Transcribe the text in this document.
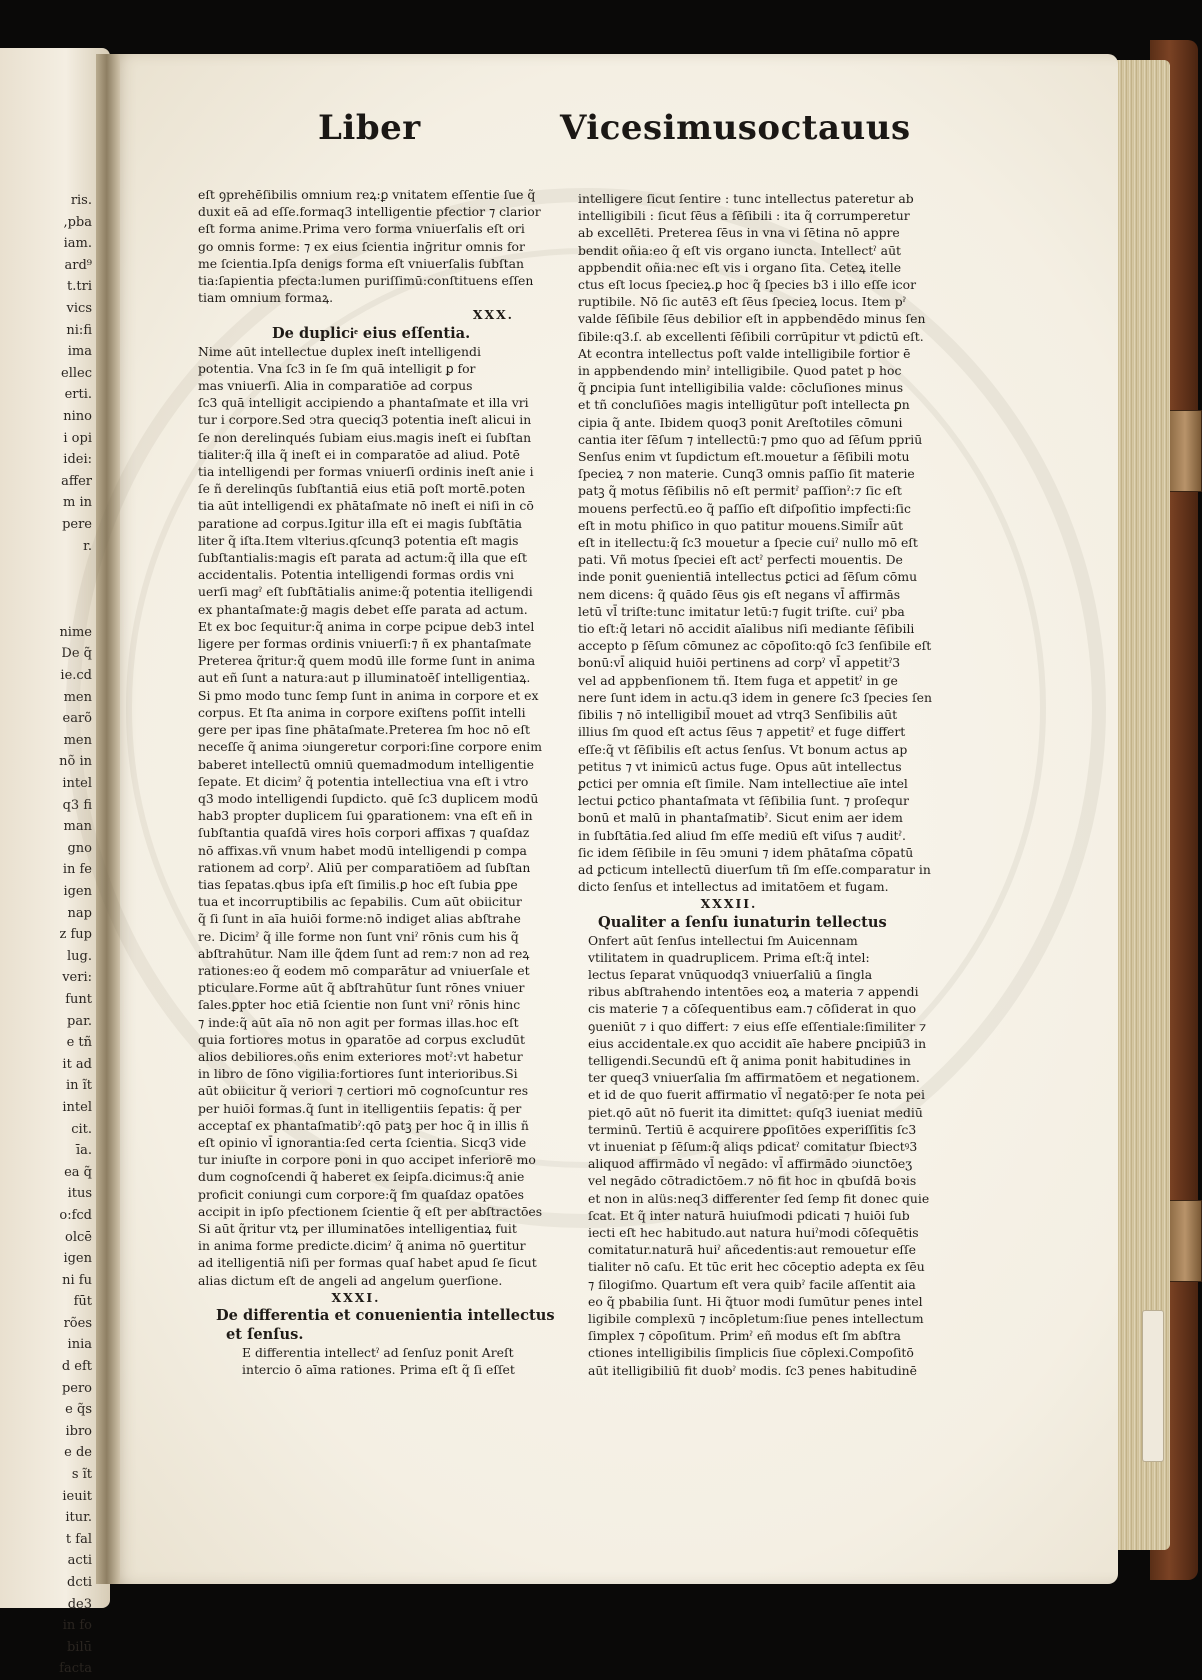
ris.
,pba
iam.
ard⁹
t.tri
vics
ni:fi
ima
ellec
erti.
nino
i opi
idei:
affer
m in
pere
r.

nime
De q̃
ie.cd
men
earõ
men
nõ in
intel
q3 fi
man
gno
in fe
igen
nap
z fup
lug.
veri:
funt
par.
e tñ
it ad
in ĩt
intel
cit.
īa.
ea q̃
itus
o:fcd
olcē
igen
ni fu
fūt
rões
inia
d eft
pero
e q̃s
ibro
e de
s ĩt
ieuit
itur.
t fal
acti
dcti
de3
in fo
bilū
facta
Liber	Vicesimusoctauus

eſt ꝯprehēſibilis omnium reꝝ:ꝑ vnitatem eſſentie ſue q̃

duxit eā ad eſſe.formaq3 intelligentie pfectior ⁊ clarior

eſt forma anime.Prima vero forma vniuerſalis eſt ori

go omnis forme: ⁊ ex eius ſcientia inḡritur omnis for

me ſcientia.Ipſa denigs forma eſt vniuerſalis ſubſtan

tia:ſapientia pfecta:lumen puriſſimū:conſtituens eſſen

tiam omnium formaꝝ.

XXX.
De dupliciͤ eius eſſentia.

Nime aūt intellectue duplex ineſt intelligendi

potentia. Vna ſc3 in ſe ſm quā intelligit ꝑ for

mas vniuerſi. Alia in comparatiōe ad corpus

ſc3 quā intelligit accipiendo a phantaſmate et illa vri

tur i corpore.Sed ↄtra queciq3 potentia ineſt alicui in

ſe non derelinqués ſubiam eius.magis ineſt ei ſubſtan

tialiter:q̃ illa q̃ ineſt ei in comparatōe ad aliud. Potē

tia intelligendi per formas vniuerſi ordinis ineſt anie i

ſe ñ derelinqūs ſubſtantiā eius etiā poſt mortē.poten

tia aūt intelligendi ex phātaſmate nō ineſt ei niſi in cō

paratione ad corpus.Igitur illa eſt ei magis ſubſtātia

liter q̃ iſta.Item vlterius.qſcunq3 potentia eſt magis

ſubſtantialis:magis eſt parata ad actum:q̃ illa que eſt

accidentalis. Potentia intelligendi formas ordis vni

uerſi magˀ eſt ſubſtātialis anime:q̃ potentia itelligendi

ex phantaſmate:ḡ magis debet eſſe parata ad actum.

Et ex boc ſequitur:q̃ anima in corpe pcipue deb3 intel

ligere per formas ordinis vniuerſi:⁊ ñ ex phantaſmate

Preterea q̃ritur:q̃ quem modū ille forme ſunt in anima

aut eñ ſunt a natura:aut p illuminatoēſ intelligentiaꝝ.

Si pmo modo tunc ſemp ſunt in anima in corpore et ex

corpus. Et ſta anima in corpore exiſtens poſſit intelli

gere per ipas ſine phātaſmate.Preterea ſm hoc nō eſt

neceſſe q̃ anima ↄiungeretur corpori:ſine corpore enim

baberet intellectū omniū quemadmodum intelligentie

ſepate. Et dicimˀ q̃ potentia intellectiua vna eſt i vtro

q3 modo intelligendi ſupdicto. quē ſc3 duplicem modū

hab3 propter duplicem ſui ꝯparationem: vna eſt eñ in

ſubſtantia quaſdā vires hoīs corpori affixas ⁊ quaſdaz

nō affixas.vñ vnum habet modū intelligendi p compa

rationem ad corpˀ. Aliū per comparatiōem ad ſubſtan

tias ſepatas.qbus ipſa eſt ſimilis.ꝑ hoc eſt ſubia ꝑpe

tua et incorruptibilis ac ſepabilis. Cum aūt obiicitur

q̃ ſi ſunt in aīa huiōi forme:nō indiget alias abſtrahe

re. Dicimˀ q̃ ille forme non ſunt vniˀ rōnis cum his q̃

abſtrahūtur. Nam ille q̃dem ſunt ad rem:⁊ non ad reꝝ

rationes:eo q̃ eodem mō comparātur ad vniuerſale et

pticulare.Forme aūt q̃ abſtrahūtur ſunt rōnes vniuer

ſales.ꝑpter hoc etiā ſcientie non ſunt vniˀ rōnis hinc

⁊ inde:q̃ aūt aīa nō non agit per formas illas.hoc eſt

quia fortiores motus in ꝯparatōe ad corpus excludūt

alios debiliores.oñs enim exteriores motˀ:vt habetur

in libro de ſōno vigilia:fortiores ſunt interioribus.Si

aūt obiicitur q̃ veriori ⁊ certiori mō cognoſcuntur res

per huiōi formas.q̃ ſunt in itelligentiis ſepatis: q̃ per

acceptaſ ex phantaſmatibˀ:qō patꝫ per hoc q̃ in illis ñ

eſt opinio vl̄ ignorantia:ſed certa ſcientia. Sicq3 vide

tur iniuſte in corpore poni in quo accipet inferiorē mo

dum cognoſcendi q̃ haberet ex ſeipſa.dicimus:q̃ anie

proficit coniungi cum corpore:q̃ ſm quaſdaz opatōes

accipit in ipſo pfectionem ſcientie q̃ eſt per abſtractōes

Si aūt q̃ritur vtꝝ per illuminatōes intelligentiaꝝ fuit

in anima forme predicte.dicimˀ q̃ anima nō ꝯuertitur

ad itelligentiā niſi per formas quaſ habet apud ſe ſicut

alias dictum eſt de angeli ad angelum ꝯuerſione.

XXXI.
De differentia et conuenientia intellectus
et ſenſus.

E differentia intellectˀ ad ſenſuz ponit Areſt

intercio ō aīma rationes. Prima eſt q̃ ſi eſſet

intelligere ſicut ſentire : tunc intellectus pateretur ab

intelligibili : ſicut ſēus a ſēſibili : ita q̃ corrumperetur

ab excellēti. Preterea ſēus in vna vi ſētina nō appre

bendit oñia:eo q̃ eſt vis organo iuncta. Intellectˀ aūt

appbendit oñia:nec eſt vis i organo ſita. Ceteꝝ itelle

ctus eſt locus ſpecieꝝ.ꝑ hoc q̃ ſpecies b3 i illo eſſe icor

ruptibile. Nō ſic autē3 eſt ſēus ſpecieꝝ locus. Item pˀ

valde ſēſibile ſēus debilior eſt in appbendēdo minus ſen

ſibile:q3.ſ. ab excellenti ſēſibili corrūpitur vt pdictū eſt.

At econtra intellectus poſt valde intelligibile fortior ē

in appbendendo minˀ intelligibile. Quod patet p hoc

q̃ ꝑncipia ſunt intelligibilia valde: cōcluſiones minus

et tñ concluſiōes magis intelligūtur poſt intellecta ꝑn

cipia q̃ ante. Ibidem quoq3 ponit Areſtotiles cōmuni

cantia iter ſēſum ⁊ intellectū:⁊ pmo quo ad ſēſum ppriū

Senſus enim vt ſupdictum eſt.mouetur a ſēſibili motu

ſpecieꝝ ⁊ non materie. Cunq3 omnis paſſio ſit materie

patꝫ q̃ motus ſēſibilis nō eſt permitˀ paſſionˀ:⁊ ſic eſt

mouens perfectū.eo q̃ paſſio eſt diſpoſitio impfecti:ſic

eſt in motu phiſico in quo patitur mouens.Simil̄r aūt

eſt in itellectu:q̃ ſc3 mouetur a ſpecie cuiˀ nullo mō eſt

pati. Vñ motus ſpeciei eſt actˀ perfecti mouentis. De

inde ponit ꝯuenientiā intellectus ꝑctici ad ſēſum cōmu

nem dicens: q̃ quādo ſēus ꝯis eſt negans vl̄ affirmās

letū vl̄ triſte:tunc imitatur letū:⁊ fugit triſte. cuiˀ pba

tio eſt:q̃ letari nō accidit aīalibus niſi mediante ſēſibili

accepto p ſēſum cōmunez ac cōpoſito:qō ſc3 ſenſibile eſt

bonū:vl̄ aliquid huiōi pertinens ad corpˀ vl̄ appetitˀ3

vel ad appbenſionem tñ. Item fuga et appetitˀ in ge

nere ſunt idem in actu.q3 idem in genere ſc3 ſpecies ſen

ſibilis ⁊ nō intelligibil̄ mouet ad vtrq3 Senſibilis aūt

illius ſm quod eſt actus ſēus ⁊ appetitˀ et fuge differt

eſſe:q̃ vt ſēſibilis eſt actus ſenſus. Vt bonum actus ap

petitus ⁊ vt inimicū actus fuge. Opus aūt intellectus

ꝑctici per omnia eſt ſimile. Nam intellectiue aīe intel

lectui ꝑctico phantaſmata vt ſēſibilia ſunt. ⁊ proſequr

bonū et malū in phantaſmatibˀ. Sicut enim aer idem

in ſubſtātia.ſed aliud ſm eſſe mediū eſt viſus ⁊ auditˀ.

ſic idem ſēſibile in ſēu ↄmuni ⁊ idem phātaſma cōpatū

ad ꝑcticum intellectū diuerſum tñ ſm eſſe.comparatur in

dicto ſenſus et intellectus ad imitatōem et fugam.

XXXII.
Qualiter a ſenſu iunaturin tellectus

Onfert aūt ſenſus intellectui ſm Auicennam

vtilitatem in quadruplicem. Prima eſt:q̃ intel:

lectus ſeparat vnūquodq3 vniuerſaliū a ſingla

ribus abſtrahendo intentōes eoꝝ a materia ⁊ appendi

cis materie ⁊ a cōſequentibus eam.⁊ cōſiderat in quo

ꝯueniūt ⁊ i quo differt: ⁊ eius eſſe eſſentiale:ſimiliter ⁊

eius accidentale.ex quo accidit aīe habere ꝑncipiū3 in

telligendi.Secundū eſt q̃ anima ponit habitudines in

ter queq3 vniuerſalia ſm affirmatōem et negationem.

et id de quo fuerit affirmatio vl̄ negatō:per ſe nota pei

piet.qō aūt nō fuerit ita dimittet: quſq3 iueniat mediū

terminū. Tertiū ē acquirere ꝑpoſitōes experiſſitis ſc3

vt inueniat p ſēſum:q̃ aliqs pdicatˀ comitatur ſbiectꝰ3

aliquod affirmādo vl̄ negādo: vl̄ affirmādo ↄiunctōeʒ

vel negādo cōtradictōem.⁊ nō fit hoc in qbuſdā boꝛis

et non in alüs:neq3 differenter ſed ſemp fit donec quie

ſcat. Et q̃ inter naturā huiuſmodi pdicati ⁊ huiōi ſub

iecti eſt hec habitudo.aut natura huiˀmodi cōſequētis

comitatur.naturā huiˀ añcedentis:aut remouetur eſſe

tialiter nō caſu. Et tūc erit hec cōceptio adepta ex ſēu

⁊ ſilogiſmo. Quartum eſt vera quibˀ facile aſſentit aia

eo q̃ pbabilia ſunt. Hi q̃tuor modi ſumūtur penes intel

ligibile complexū ⁊ incōpletum:ſiue penes intellectum

ſimplex ⁊ cōpoſitum. Primˀ eñ modus eſt ſm abſtra

ctiones intelligibilis ſimplicis ſiue cōplexi.Compoſitō

aūt itelligibiliū fit duobˀ modis. ſc3 penes habitudinē
